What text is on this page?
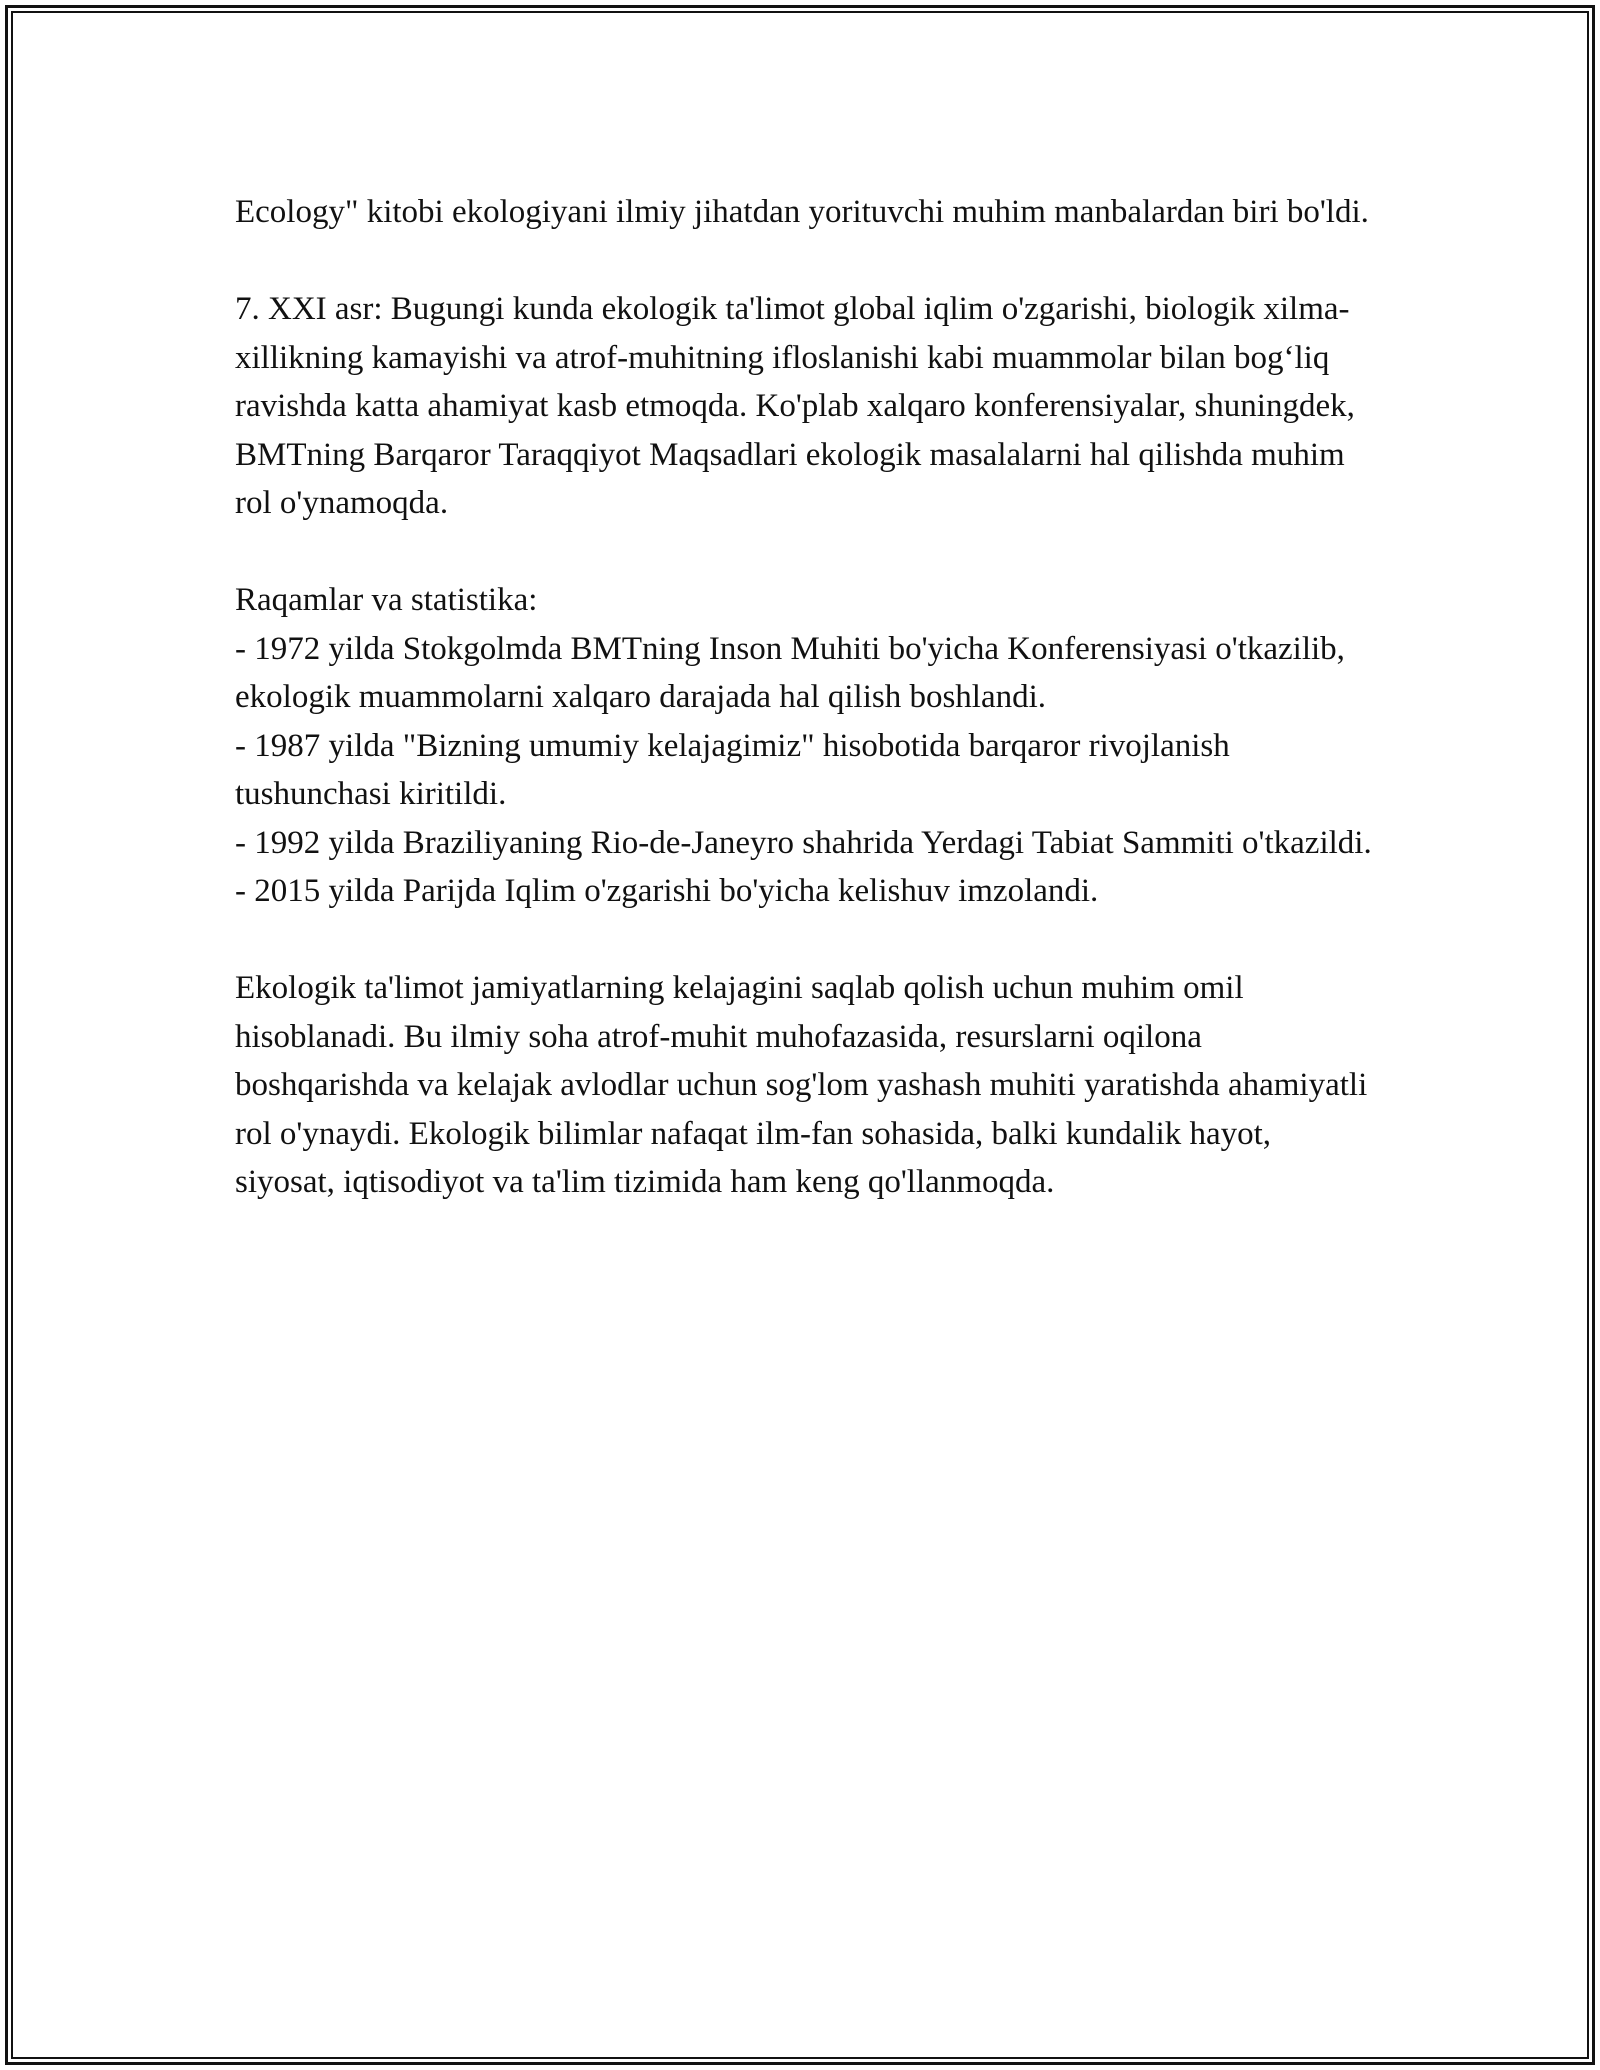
Ecology" kitobi ekologiyani ilmiy jihatdan yorituvchi muhim manbalardan biri bo'ldi.

7. XXI asr: Bugungi kunda ekologik ta'limot global iqlim o'zgarishi, biologik xilma-xillikning kamayishi va atrof-muhitning ifloslanishi kabi muammolar bilan bog‘liq ravishda katta ahamiyat kasb etmoqda. Ko'plab xalqaro konferensiyalar, shuningdek, BMTning Barqaror Taraqqiyot Maqsadlari ekologik masalalarni hal qilishda muhim rol o'ynamoqda.

Raqamlar va statistika:

- 1972 yilda Stokgolmda BMTning Inson Muhiti bo'yicha Konferensiyasi o'tkazilib, ekologik muammolarni xalqaro darajada hal qilish boshlandi.
- 1987 yilda "Bizning umumiy kelajagimiz" hisobotida barqaror rivojlanish tushunchasi kiritildi.
- 1992 yilda Braziliyaning Rio-de-Janeyro shahrida Yerdagi Tabiat Sammiti o'tkazildi.
- 2015 yilda Parijda Iqlim o'zgarishi bo'yicha kelishuv imzolandi.

Ekologik ta'limot jamiyatlarning kelajagini saqlab qolish uchun muhim omil hisoblanadi. Bu ilmiy soha atrof-muhit muhofazasida, resurslarni oqilona boshqarishda va kelajak avlodlar uchun sog'lom yashash muhiti yaratishda ahamiyatli rol o'ynaydi. Ekologik bilimlar nafaqat ilm-fan sohasida, balki kundalik hayot, siyosat, iqtisodiyot va ta'lim tizimida ham keng qo'llanmoqda.
